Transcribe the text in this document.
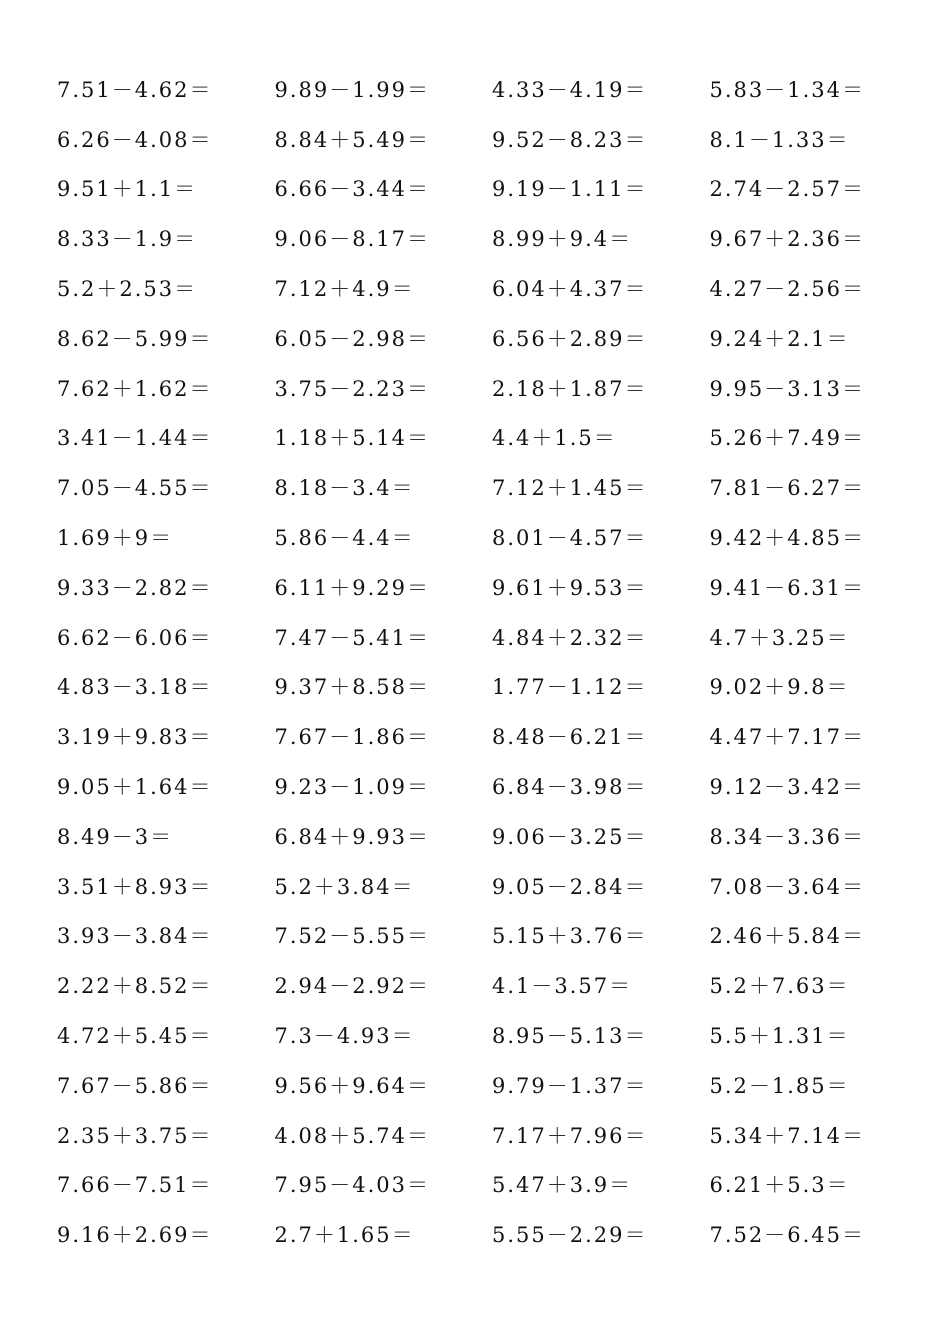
7.51－4.62＝	9.89－1.99＝	4.33－4.19＝	5.83－1.34＝
6.26－4.08＝	8.84＋5.49＝	9.52－8.23＝	8.1－1.33＝
9.51＋1.1＝	6.66－3.44＝	9.19－1.11＝	2.74－2.57＝
8.33－1.9＝	9.06－8.17＝	8.99＋9.4＝	9.67＋2.36＝
5.2＋2.53＝	7.12＋4.9＝	6.04＋4.37＝	4.27－2.56＝
8.62－5.99＝	6.05－2.98＝	6.56＋2.89＝	9.24＋2.1＝
7.62＋1.62＝	3.75－2.23＝	2.18＋1.87＝	9.95－3.13＝
3.41－1.44＝	1.18＋5.14＝	4.4＋1.5＝	5.26＋7.49＝
7.05－4.55＝	8.18－3.4＝	7.12＋1.45＝	7.81－6.27＝
1.69＋9＝	5.86－4.4＝	8.01－4.57＝	9.42＋4.85＝
9.33－2.82＝	6.11＋9.29＝	9.61＋9.53＝	9.41－6.31＝
6.62－6.06＝	7.47－5.41＝	4.84＋2.32＝	4.7＋3.25＝
4.83－3.18＝	9.37＋8.58＝	1.77－1.12＝	9.02＋9.8＝
3.19＋9.83＝	7.67－1.86＝	8.48－6.21＝	4.47＋7.17＝
9.05＋1.64＝	9.23－1.09＝	6.84－3.98＝	9.12－3.42＝
8.49－3＝	6.84＋9.93＝	9.06－3.25＝	8.34－3.36＝
3.51＋8.93＝	5.2＋3.84＝	9.05－2.84＝	7.08－3.64＝
3.93－3.84＝	7.52－5.55＝	5.15＋3.76＝	2.46＋5.84＝
2.22＋8.52＝	2.94－2.92＝	4.1－3.57＝	5.2＋7.63＝
4.72＋5.45＝	7.3－4.93＝	8.95－5.13＝	5.5＋1.31＝
7.67－5.86＝	9.56＋9.64＝	9.79－1.37＝	5.2－1.85＝
2.35＋3.75＝	4.08＋5.74＝	7.17＋7.96＝	5.34＋7.14＝
7.66－7.51＝	7.95－4.03＝	5.47＋3.9＝	6.21＋5.3＝
9.16＋2.69＝	2.7＋1.65＝	5.55－2.29＝	7.52－6.45＝
